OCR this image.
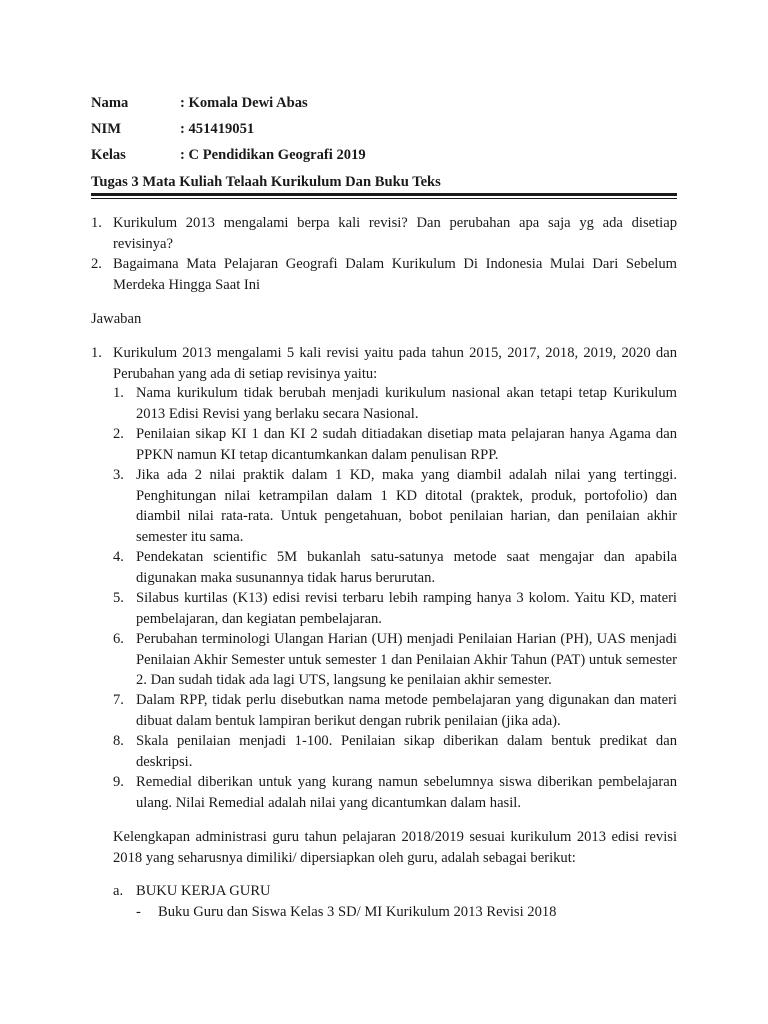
Nama	: Komala Dewi Abas
NIM	: 451419051
Kelas	: C Pendidikan Geografi 2019
Tugas 3 Mata Kuliah Telaah Kurikulum Dan Buku Teks
1. Kurikulum 2013 mengalami berpa kali revisi? Dan perubahan apa saja yg ada disetiap revisinya?
2. Bagaimana Mata Pelajaran Geografi Dalam Kurikulum Di Indonesia Mulai Dari Sebelum Merdeka Hingga Saat Ini
Jawaban
1. Kurikulum 2013 mengalami 5 kali revisi yaitu pada tahun 2015, 2017, 2018, 2019, 2020 dan Perubahan yang ada di setiap revisinya yaitu:
1. Nama kurikulum tidak berubah menjadi kurikulum nasional akan tetapi tetap Kurikulum 2013 Edisi Revisi yang berlaku secara Nasional.
2. Penilaian sikap KI 1 dan KI 2 sudah ditiadakan disetiap mata pelajaran hanya Agama dan PPKN namun KI tetap dicantumkankan dalam penulisan RPP.
3. Jika ada 2 nilai praktik dalam 1 KD, maka yang diambil adalah nilai yang tertinggi. Penghitungan nilai ketrampilan dalam 1 KD ditotal (praktek, produk, portofolio) dan diambil nilai rata-rata. Untuk pengetahuan, bobot penilaian harian, dan penilaian akhir semester itu sama.
4. Pendekatan scientific 5M bukanlah satu-satunya metode saat mengajar dan apabila digunakan maka susunannya tidak harus berurutan.
5. Silabus kurtilas (K13) edisi revisi terbaru lebih ramping hanya 3 kolom. Yaitu KD, materi pembelajaran, dan kegiatan pembelajaran.
6. Perubahan terminologi Ulangan Harian (UH) menjadi Penilaian Harian (PH), UAS menjadi Penilaian Akhir Semester untuk semester 1 dan Penilaian Akhir Tahun (PAT) untuk semester 2. Dan sudah tidak ada lagi UTS, langsung ke penilaian akhir semester.
7. Dalam RPP, tidak perlu disebutkan nama metode pembelajaran yang digunakan dan materi dibuat dalam bentuk lampiran berikut dengan rubrik penilaian (jika ada).
8. Skala penilaian menjadi 1-100. Penilaian sikap diberikan dalam bentuk predikat dan deskripsi.
9. Remedial diberikan untuk yang kurang namun sebelumnya siswa diberikan pembelajaran ulang. Nilai Remedial adalah nilai yang dicantumkan dalam hasil.
Kelengkapan administrasi guru tahun pelajaran 2018/2019 sesuai kurikulum 2013 edisi revisi 2018 yang seharusnya dimiliki/ dipersiapkan oleh guru, adalah sebagai berikut:
a. BUKU KERJA GURU
- Buku Guru dan Siswa Kelas 3 SD/ MI Kurikulum 2013 Revisi 2018
